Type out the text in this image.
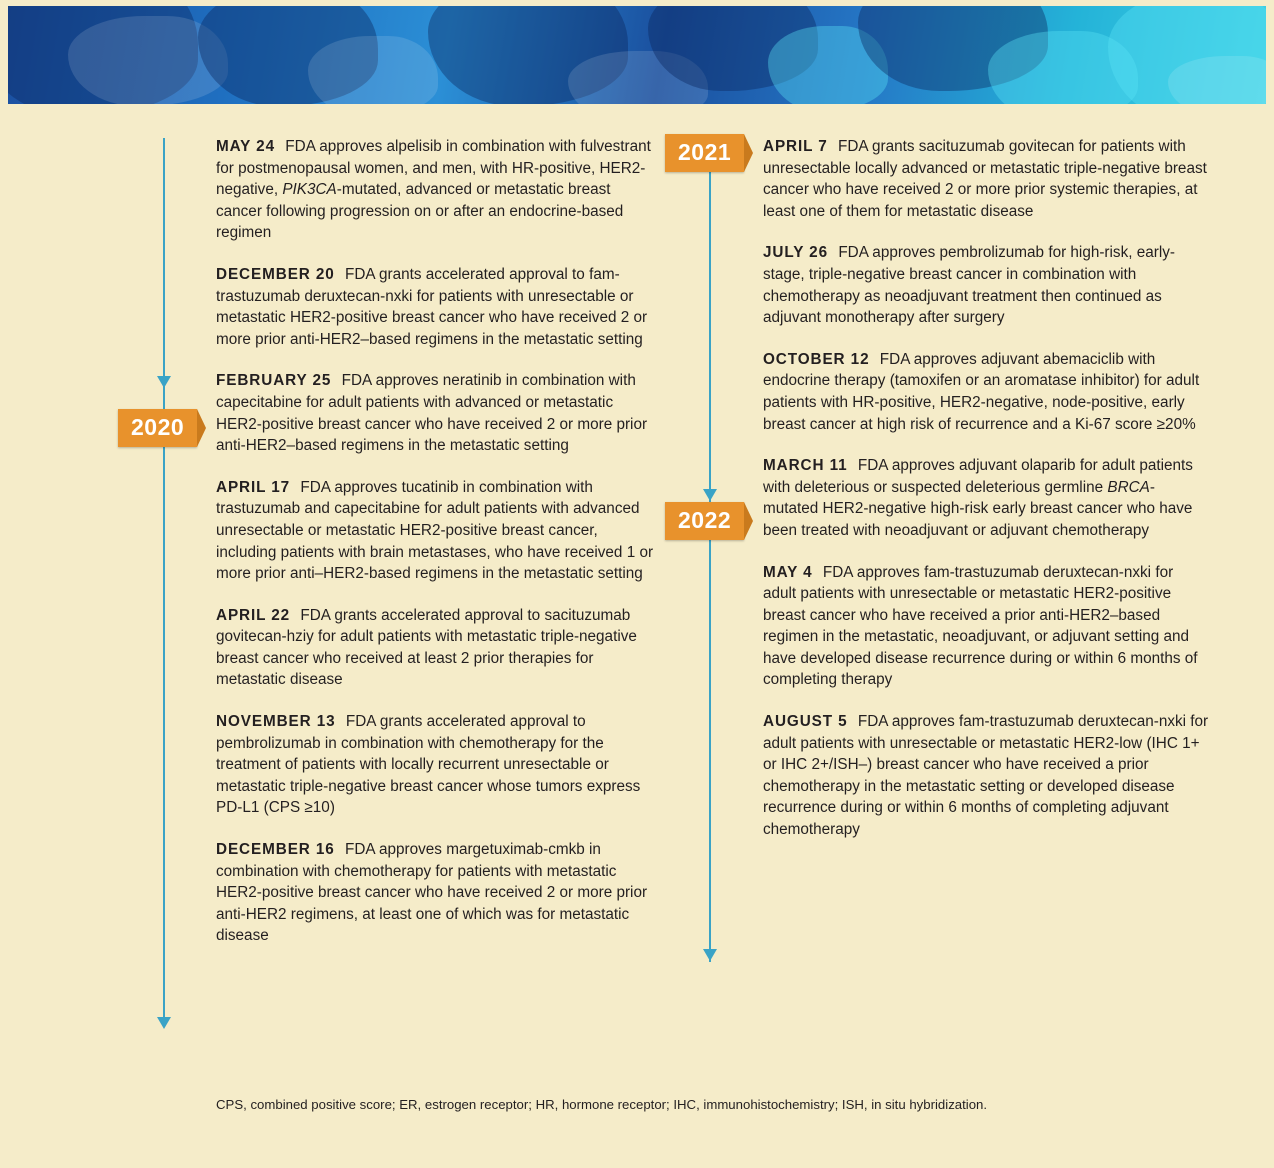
2020
MAY 24 FDA approves alpelisib in combination with fulvestrant for postmenopausal women, and men, with HR-positive, HER2-negative, PIK3CA-mutated, advanced or metastatic breast cancer following progression on or after an endocrine-based regimen
DECEMBER 20 FDA grants accelerated approval to fam-trastuzumab deruxtecan-nxki for patients with unresectable or metastatic HER2-positive breast cancer who have received 2 or more prior anti-HER2–based regimens in the metastatic setting
FEBRUARY 25 FDA approves neratinib in combination with capecitabine for adult patients with advanced or metastatic HER2-positive breast cancer who have received 2 or more prior anti-HER2–based regimens in the metastatic setting
APRIL 17 FDA approves tucatinib in combination with trastuzumab and capecitabine for adult patients with advanced unresectable or metastatic HER2-positive breast cancer, including patients with brain metastases, who have received 1 or more prior anti–HER2-based regimens in the metastatic setting
APRIL 22 FDA grants accelerated approval to sacituzumab govitecan-hziy for adult patients with metastatic triple-negative breast cancer who received at least 2 prior therapies for metastatic disease
NOVEMBER 13 FDA grants accelerated approval to pembrolizumab in combination with chemotherapy for the treatment of patients with locally recurrent unresectable or metastatic triple-negative breast cancer whose tumors express PD-L1 (CPS ≥10)
DECEMBER 16 FDA approves margetuximab-cmkb in combination with chemotherapy for patients with metastatic HER2-positive breast cancer who have received 2 or more prior anti-HER2 regimens, at least one of which was for metastatic disease
2021
2022
APRIL 7 FDA grants sacituzumab govitecan for patients with unresectable locally advanced or metastatic triple-negative breast cancer who have received 2 or more prior systemic therapies, at least one of them for metastatic disease
JULY 26 FDA approves pembrolizumab for high-risk, early-stage, triple-negative breast cancer in combination with chemotherapy as neoadjuvant treatment then continued as adjuvant monotherapy after surgery
OCTOBER 12 FDA approves adjuvant abemaciclib with endocrine therapy (tamoxifen or an aromatase inhibitor) for adult patients with HR-positive, HER2-negative, node-positive, early breast cancer at high risk of recurrence and a Ki-67 score ≥20%
MARCH 11 FDA approves adjuvant olaparib for adult patients with deleterious or suspected deleterious germline BRCA-mutated HER2-negative high-risk early breast cancer who have been treated with neoadjuvant or adjuvant chemotherapy
MAY 4 FDA approves fam-trastuzumab deruxtecan-nxki for adult patients with unresectable or metastatic HER2-positive breast cancer who have received a prior anti-HER2–based regimen in the metastatic, neoadjuvant, or adjuvant setting and have developed disease recurrence during or within 6 months of completing therapy
AUGUST 5 FDA approves fam-trastuzumab deruxtecan-nxki for adult patients with unresectable or metastatic HER2-low (IHC 1+ or IHC 2+/ISH–) breast cancer who have received a prior chemotherapy in the metastatic setting or developed disease recurrence during or within 6 months of completing adjuvant chemotherapy
CPS, combined positive score; ER, estrogen receptor; HR, hormone receptor; IHC, immunohistochemistry; ISH, in situ hybridization.
